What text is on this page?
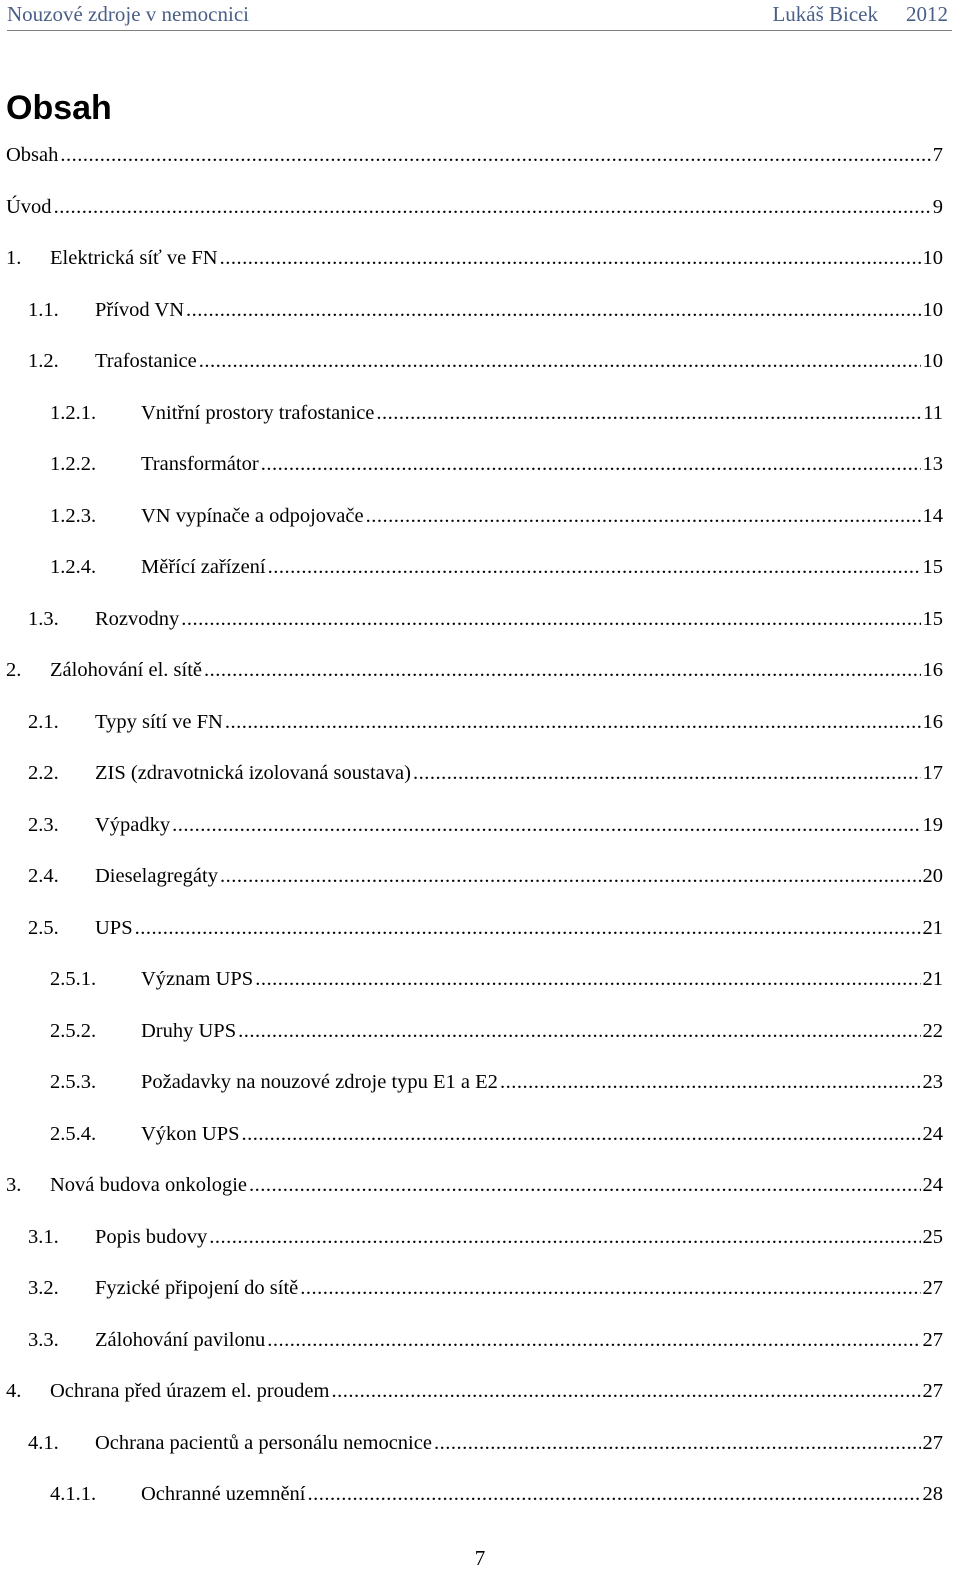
Nouzové zdroje v nemocnici	Lukáš Bicek 2012
Obsah
Obsah .....	7
Úvod .....	9
1.	Elektrická síť ve FN .....	10
1.1.	Přívod VN .....	10
1.2.	Trafostanice .....	10
1.2.1.	Vnitřní prostory trafostanice .....	11
1.2.2.	Transformátor .....	13
1.2.3.	VN vypínače a odpojovače .....	14
1.2.4.	Měřící zařízení .....	15
1.3.	Rozvodny .....	15
2.	Zálohování el. sítě .....	16
2.1.	Typy sítí ve FN .....	16
2.2.	ZIS (zdravotnická izolovaná soustava) .....	17
2.3.	Výpadky .....	19
2.4.	Dieselagregáty .....	20
2.5.	UPS .....	21
2.5.1.	Význam UPS .....	21
2.5.2.	Druhy UPS .....	22
2.5.3.	Požadavky na nouzové zdroje typu E1 a E2 .....	23
2.5.4.	Výkon UPS .....	24
3.	Nová budova onkologie .....	24
3.1.	Popis budovy .....	25
3.2.	Fyzické připojení do sítě .....	27
3.3.	Zálohování pavilonu .....	27
4.	Ochrana před úrazem el. proudem .....	27
4.1.	Ochrana pacientů a personálu nemocnice .....	27
4.1.1.	Ochranné uzemnění .....	28
7
